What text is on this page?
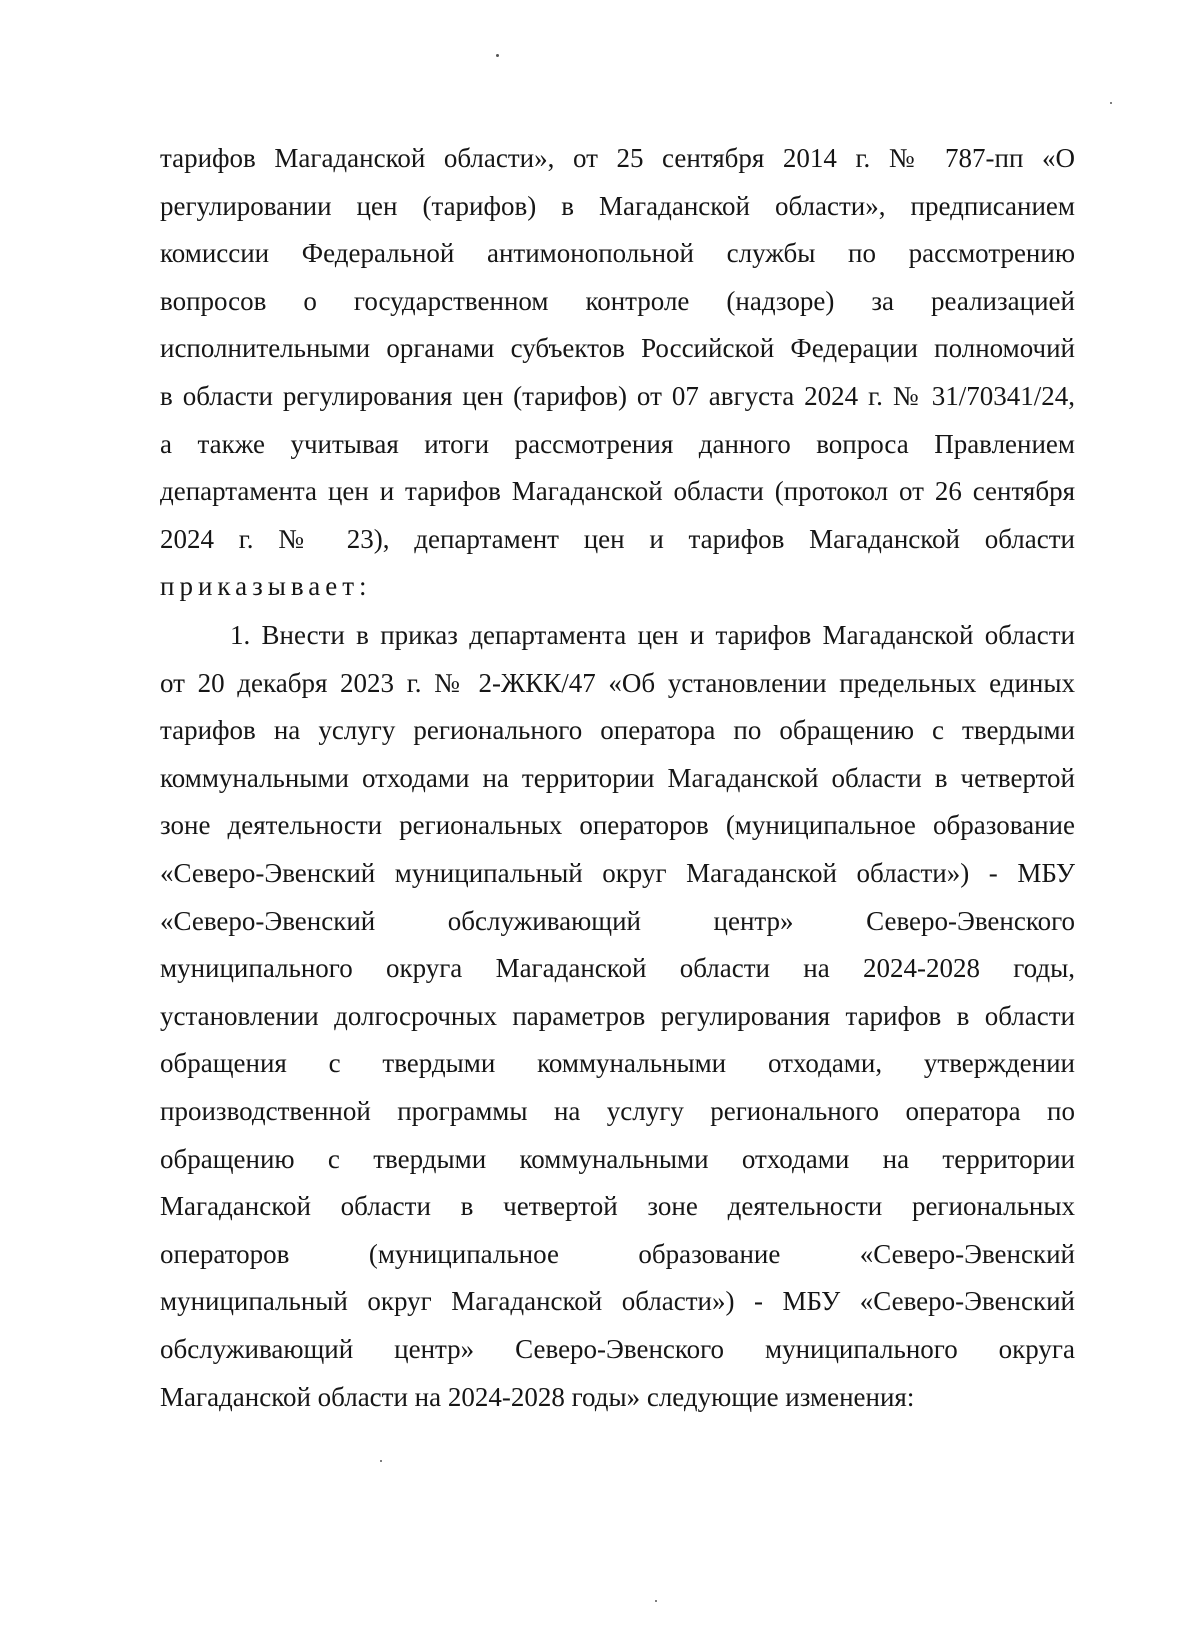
тарифов Магаданской области», от 25 сентября 2014 г. № 787-пп «О
регулировании цен (тарифов) в Магаданской области», предписанием
комиссии Федеральной антимонопольной службы по рассмотрению
вопросов о государственном контроле (надзоре) за реализацией
исполнительными органами субъектов Российской Федерации полномочий
в области регулирования цен (тарифов) от 07 августа 2024 г. № 31/70341/24,
а также учитывая итоги рассмотрения данного вопроса Правлением
департамента цен и тарифов Магаданской области (протокол от 26 сентября
2024 г. № 23), департамент цен и тарифов Магаданской области
приказывает:
1. Внести в приказ департамента цен и тарифов Магаданской области
от 20 декабря 2023 г. № 2-ЖКК/47 «Об установлении предельных единых
тарифов на услугу регионального оператора по обращению с твердыми
коммунальными отходами на территории Магаданской области в четвертой
зоне деятельности региональных операторов (муниципальное образование
«Северо-Эвенский муниципальный округ Магаданской области») - МБУ
«Северо-Эвенский обслуживающий центр» Северо-Эвенского
муниципального округа Магаданской области на 2024-2028 годы,
установлении долгосрочных параметров регулирования тарифов в области
обращения с твердыми коммунальными отходами, утверждении
производственной программы на услугу регионального оператора по
обращению с твердыми коммунальными отходами на территории
Магаданской области в четвертой зоне деятельности региональных
операторов (муниципальное образование «Северо-Эвенский
муниципальный округ Магаданской области») - МБУ «Северо-Эвенский
обслуживающий центр» Северо-Эвенского муниципального округа
Магаданской области на 2024-2028 годы» следующие изменения:
